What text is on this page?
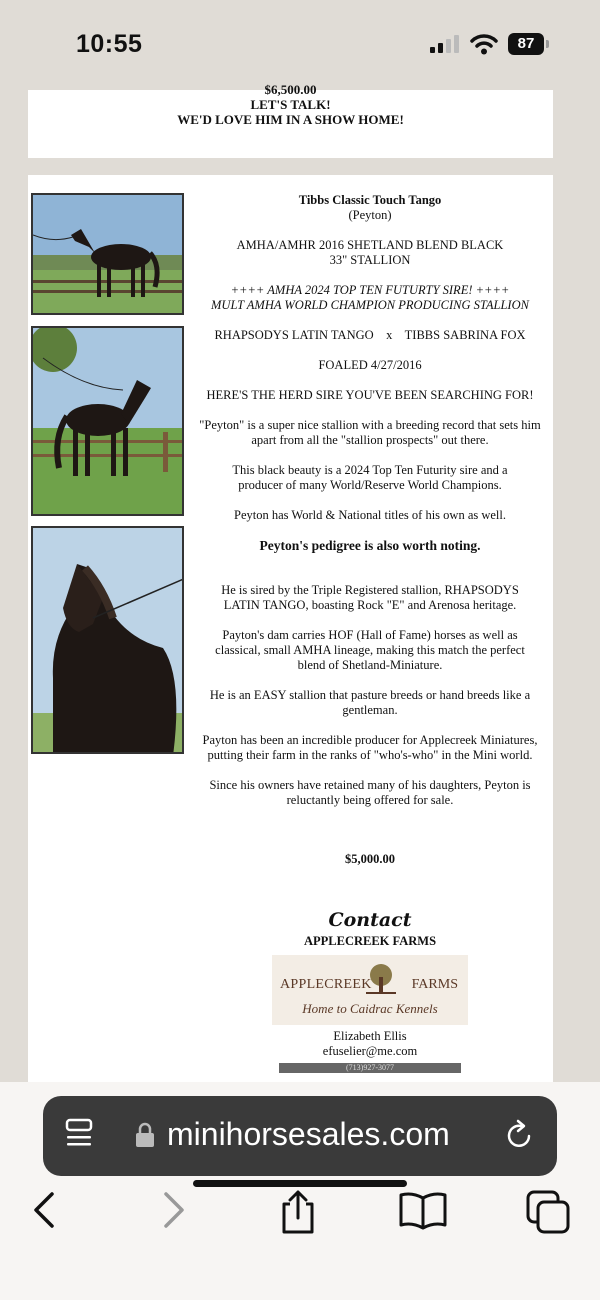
10:55	87
$6,500.00
LET'S TALK!
WE'D LOVE HIM IN A SHOW HOME!
Tibbs Classic Touch Tango

(Peyton)

AMHA/AMHR 2016 SHETLAND BLEND BLACK 33" STALLION

++++ AMHA 2024 TOP TEN FUTURTY SIRE! ++++

MULT AMHA WORLD CHAMPION PRODUCING STALLION

RHAPSODYS LATIN TANGO    x    TIBBS SABRINA FOX

FOALED 4/27/2016

HERE'S THE HERD SIRE YOU'VE BEEN SEARCHING FOR!

"Peyton" is a super nice stallion with a breeding record that sets him apart from all the "stallion prospects" out there.

This black beauty is a 2024 Top Ten Futurity sire and a producer of many World/Reserve World Champions.

Peyton has World & National titles of his own as well.

Peyton's pedigree is also worth noting.

He is sired by the Triple Registered stallion, RHAPSODYS LATIN TANGO, boasting Rock "E" and Arenosa heritage.

Payton's dam carries HOF (Hall of Fame) horses as well as classical, small AMHA lineage, making this match the perfect blend of Shetland-Miniature.

He is an EASY stallion that pasture breeds or hand breeds like a gentleman.

Payton has been an incredible producer for Applecreek Miniatures, putting their farm in the ranks of "who's-who" in the Mini world.

Since his owners have retained many of his daughters, Peyton is reluctantly being offered for sale.

$5,000.00

Contact
APPLECREEK FARMS
APPLECREEK	FARMS
Home to Caidrac Kennels
Elizabeth Ellis
efuselier@me.com
(713)927-3077
minihorsesales.com
